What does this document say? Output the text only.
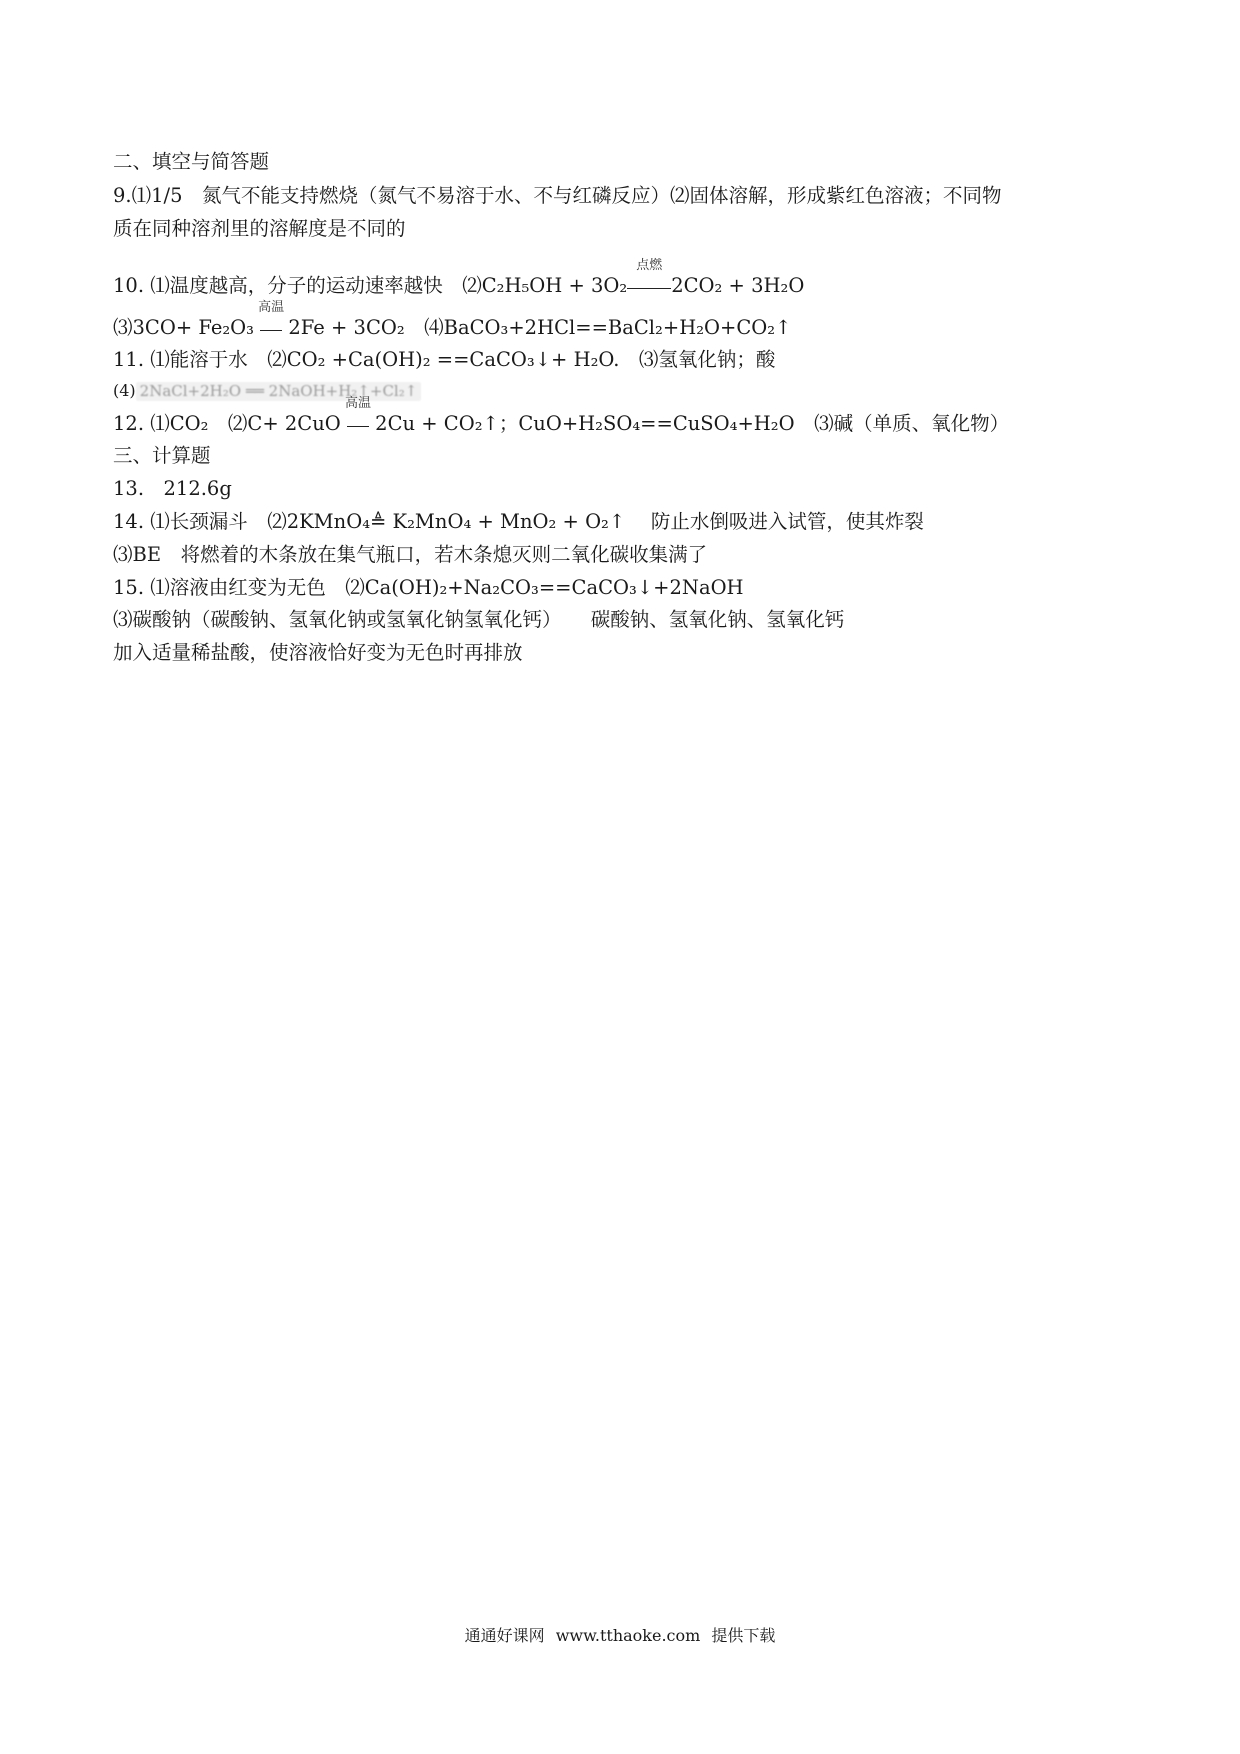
二、填空与简答题
9.⑴1/5　氮气不能支持燃烧（氮气不易溶于水、不与红磷反应）⑵固体溶解，形成紫红色溶液；不同物
质在同种溶剂里的溶解度是不同的
10. ⑴温度越高，分子的运动速率越快　⑵C₂H₅OH + 3O₂
点燃
2CO₂ + 3H₂O
⑶3CO+ Fe₂O₃
高温
2Fe + 3CO₂　⑷BaCO₃+2HCl==BaCl₂+H₂O+CO₂↑
11. ⑴能溶于水　⑵CO₂ +Ca(OH)₂ ==CaCO₃↓+ H₂O.　⑶氢氧化钠；酸
(4) 2NaCl+2H₂O ══ 2NaOH+H₂↑+Cl₂↑
12. ⑴CO₂　⑵C+ 2CuO
高温
2Cu + CO₂↑；CuO+H₂SO₄==CuSO₄+H₂O　⑶碱（单质、氧化物）
三、计算题
13.　212.6g
14. ⑴长颈漏斗　⑵2KMnO₄≜ K₂MnO₄ + MnO₂ + O₂↑　 防止水倒吸进入试管，使其炸裂
⑶BE　将燃着的木条放在集气瓶口，若木条熄灭则二氧化碳收集满了
15. ⑴溶液由红变为无色　⑵Ca(OH)₂+Na₂CO₃==CaCO₃↓+2NaOH
⑶碳酸钠（碳酸钠、氢氧化钠或氢氧化钠氢氧化钙）　　碳酸钠、氢氧化钠、氢氧化钙
加入适量稀盐酸，使溶液恰好变为无色时再排放
通通好课网 www.tthaoke.com 提供下载
